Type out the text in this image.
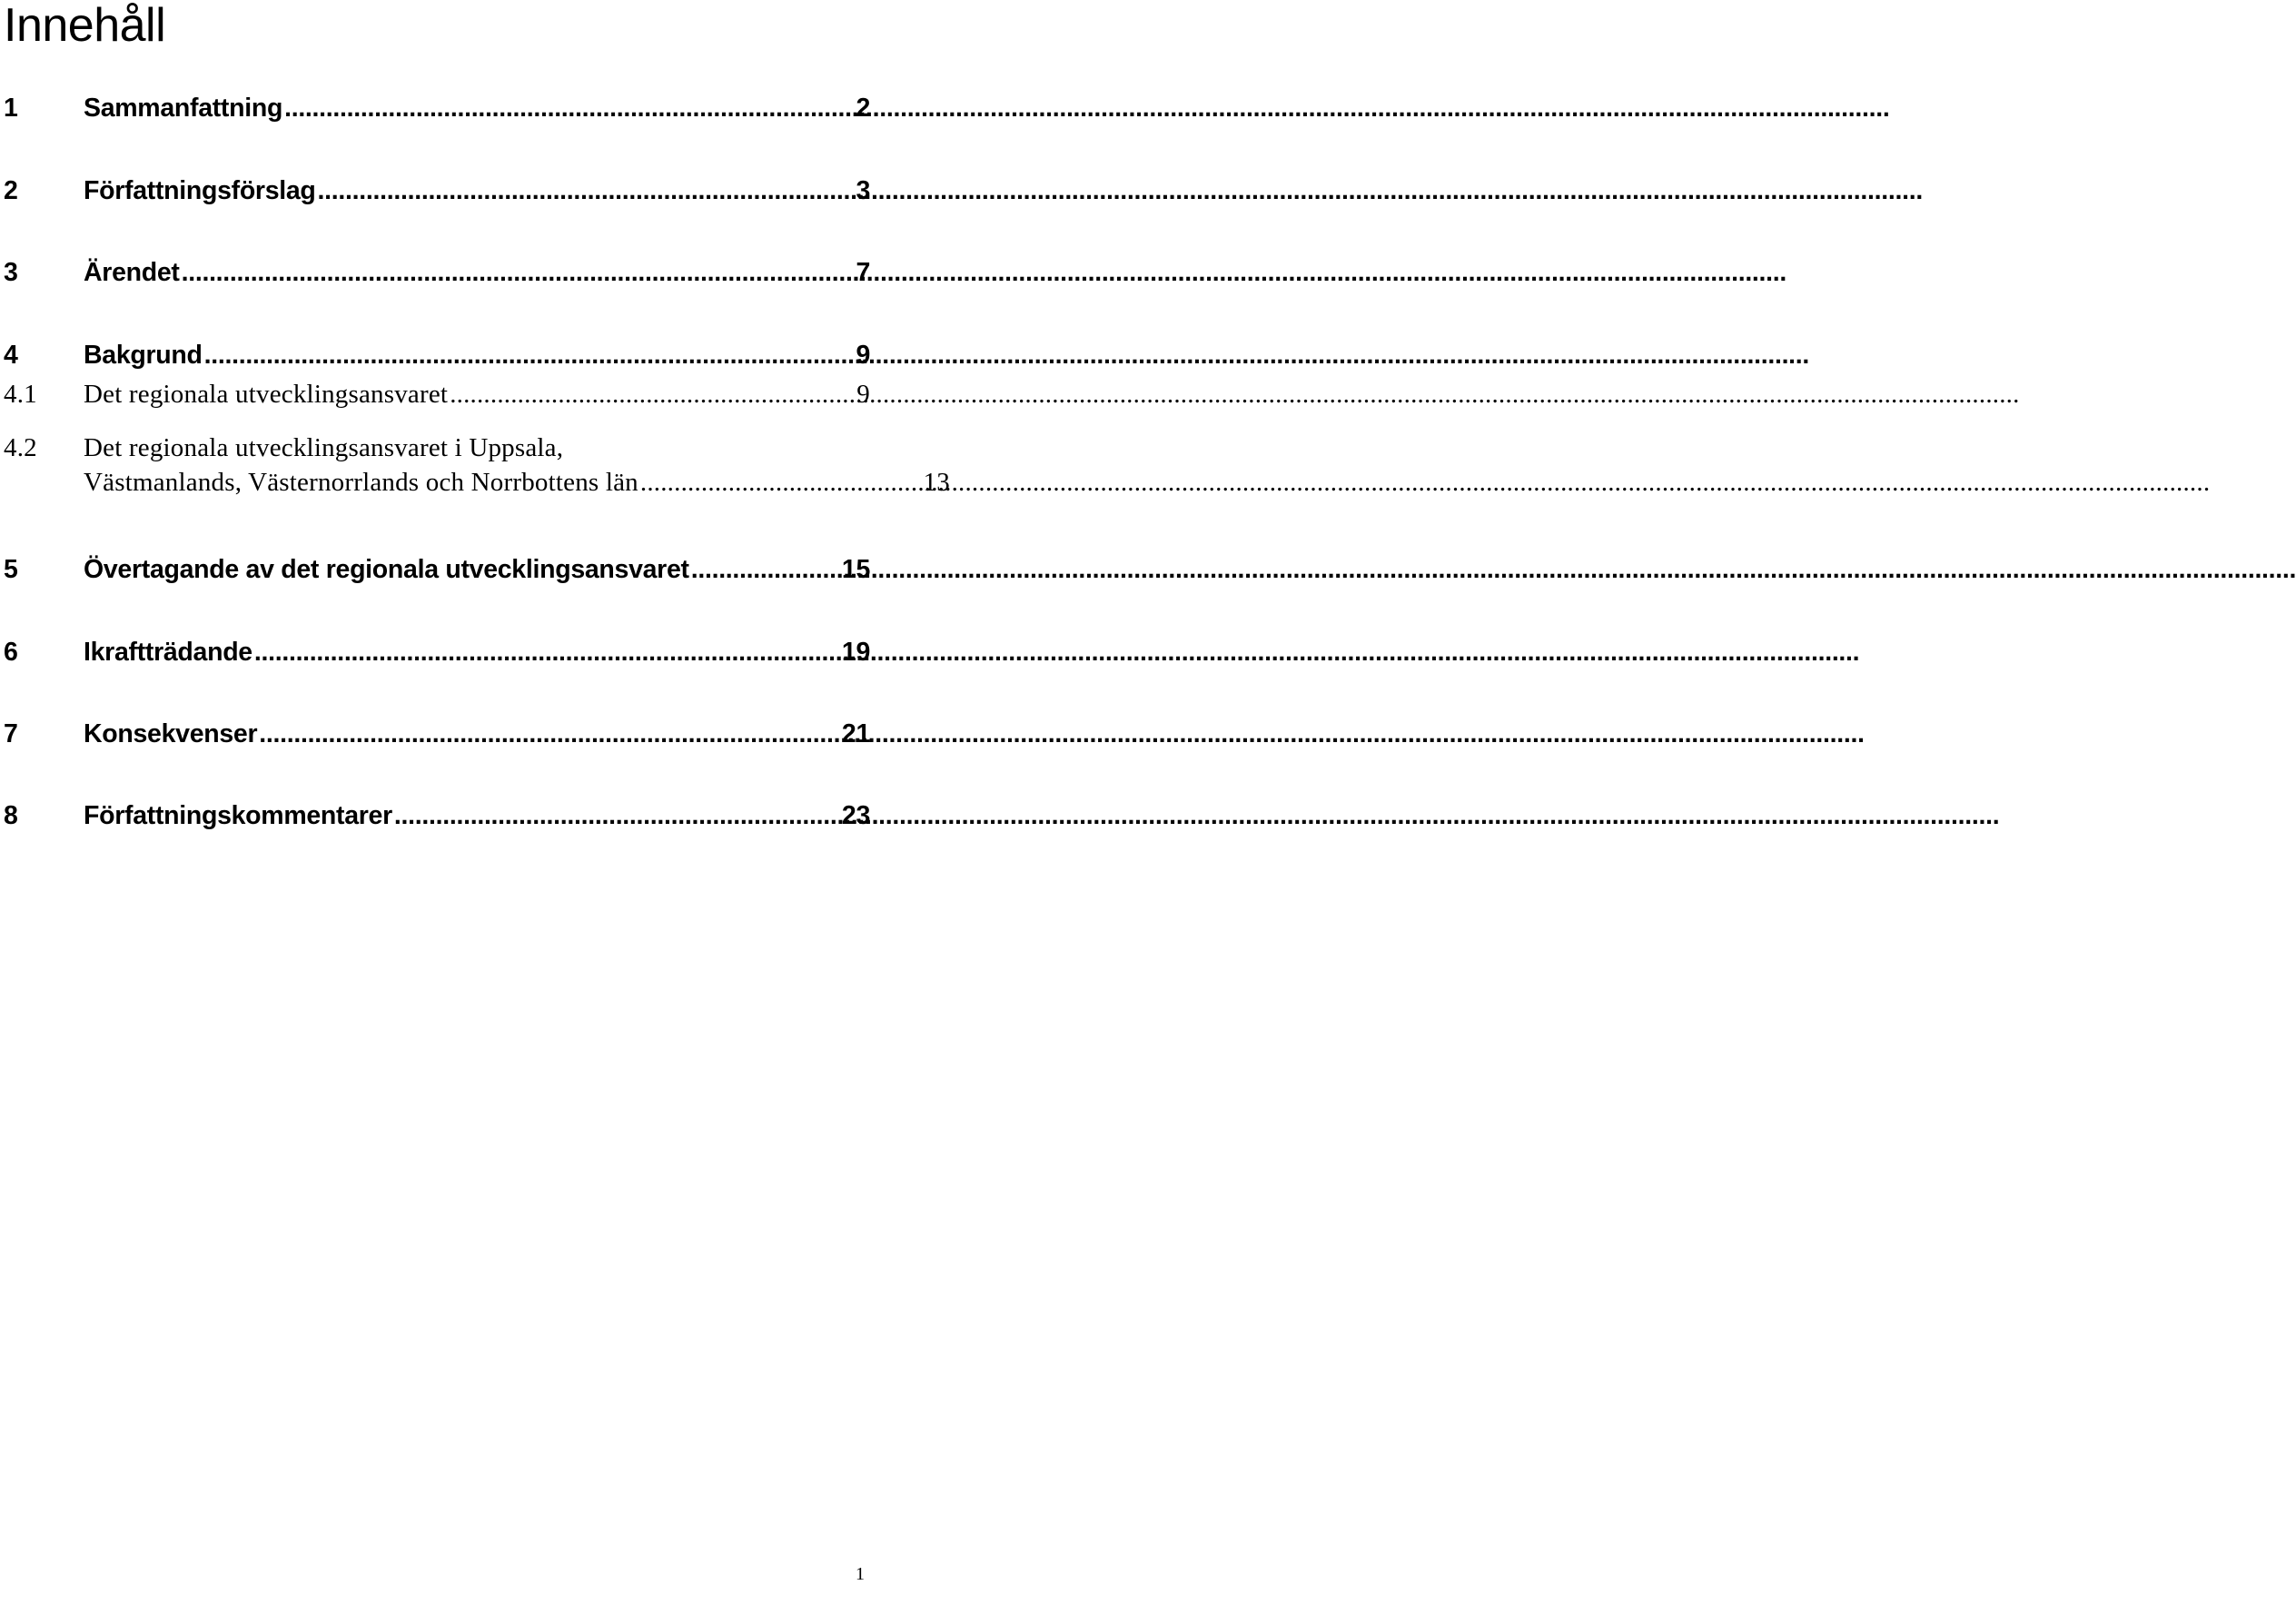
Innehåll
1	Sammanfattning .....	2
2	Författningsförslag .....	3
3	Ärendet .....	7
4	Bakgrund .....	9
4.1	Det regionala utvecklingsansvaret .....	9
4.2	Det regionala utvecklingsansvaret i Uppsala,
Västmanlands, Västernorrlands och Norrbottens län .....	13
5	Övertagande av det regionala utvecklingsansvaret .....	15
6	Ikraftträdande .....	19
7	Konsekvenser .....	21
8	Författningskommentarer .....	23
1
